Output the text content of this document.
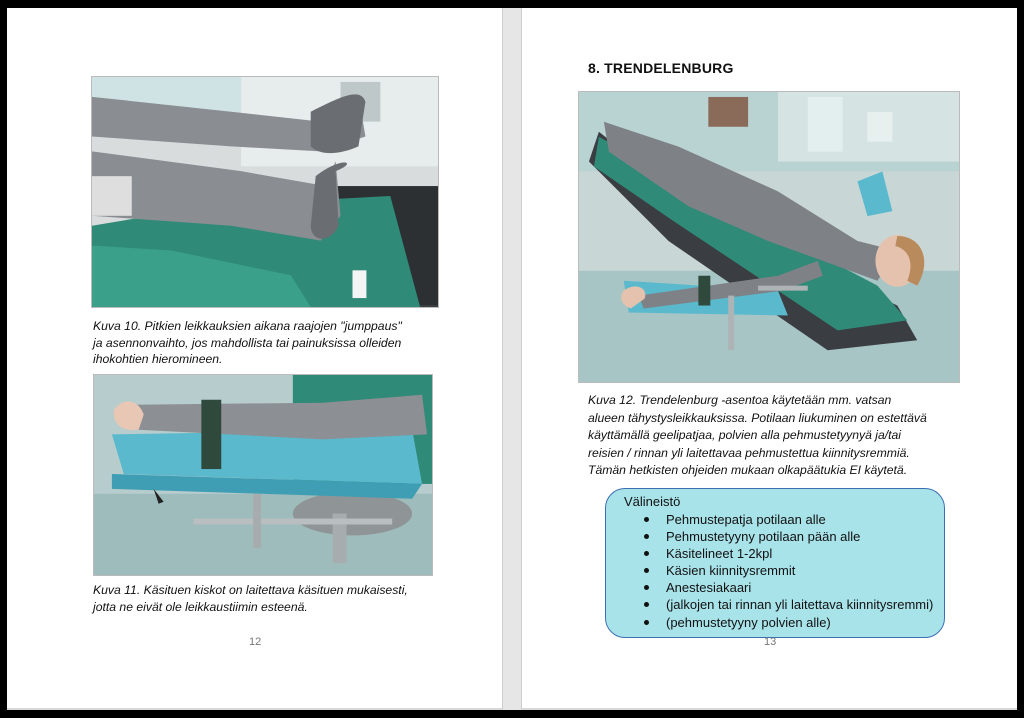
Kuva 10. Pitkien leikkauksien aikana raajojen "jumppaus"
ja asennonvaihto, jos mahdollista tai painuksissa olleiden
ihokohtien hieromineen.

Kuva 11. Käsituen kiskot on laitettava käsituen mukaisesti,
jotta ne eivät ole leikkaustiimin esteenä.

12
8. TRENDELENBURG

Kuva 12. Trendelenburg -asentoa käytetään mm. vatsan
alueen tähystysleikkauksissa. Potilaan liukuminen on estettävä
käyttämällä geelipatjaa, polvien alla pehmustetyynyä ja/tai
reisien / rinnan yli laitettavaa pehmustettua kiinnitysremmiä.
Tämän hetkisten ohjeiden mukaan olkapäätukia EI käytetä.

Välineistö
Pehmustepatja potilaan alle
Pehmustetyyny potilaan pään alle
Käsitelineet 1-2kpl
Käsien kiinnitysremmit
Anestesiakaari
(jalkojen tai rinnan yli laitettava kiinnitysremmi)
(pehmustetyyny polvien alle)
13
